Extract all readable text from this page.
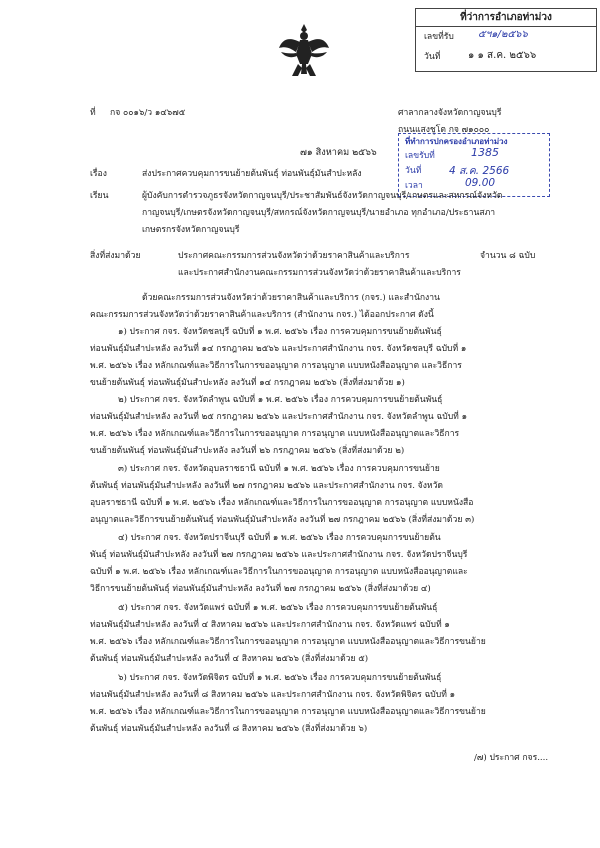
ที่ว่าการอำเภอท่าม่วง
เลขที่รับ ๕ฯ๑/๒๕๖๖
วันที่	๑ ๑ ส.ค. ๒๕๖๖
ที่ กจ ๐๐๑๖/ว ๑๔๖๗๕	ศาลากลางจังหวัดกาญจนบุรี
ถนนแสงชูโต กจ ๗๑๐๐๐
ที่ทำการปกครองอำเภอท่าม่วง
เลขรับที่	1385
วันที่	4 ส.ค. 2566
เวลา	09.00
๗๑ สิงหาคม ๒๕๖๖
เรื่อง	ส่งประกาศควบคุมการขนย้ายต้นพันธุ์ ท่อนพันธุ์มันสำปะหลัง
เรียน	ผู้บังคับการตำรวจภูธรจังหวัดกาญจนบุรี/ประชาสัมพันธ์จังหวัดกาญจนบุรี/เกษตรและสหกรณ์จังหวัด
กาญจนบุรี/เกษตรจังหวัดกาญจนบุรี/สหกรณ์จังหวัดกาญจนบุรี/นายอำเภอ ทุกอำเภอ/ประธานสภา
เกษตรกรจังหวัดกาญจนบุรี
สิ่งที่ส่งมาด้วย	ประกาศคณะกรรมการส่วนจังหวัดว่าด้วยราคาสินค้าและบริการ	จำนวน ๘ ฉบับ
และประกาศสำนักงานคณะกรรมการส่วนจังหวัดว่าด้วยราคาสินค้าและบริการ
ด้วยคณะกรรมการส่วนจังหวัดว่าด้วยราคาสินค้าและบริการ (กจร.) และสำนักงาน
คณะกรรมการส่วนจังหวัดว่าด้วยราคาสินค้าและบริการ (สำนักงาน กจร.) ได้ออกประกาศ ดังนี้
๑) ประกาศ กจร. จังหวัดชลบุรี ฉบับที่ ๑ พ.ศ. ๒๕๖๖ เรื่อง การควบคุมการขนย้ายต้นพันธุ์
ท่อนพันธุ์มันสำปะหลัง ลงวันที่ ๑๔ กรกฎาคม ๒๕๖๖ และประกาศสำนักงาน กจร. จังหวัดชลบุรี ฉบับที่ ๑
พ.ศ. ๒๕๖๖ เรื่อง หลักเกณฑ์และวิธีการในการขออนุญาต การอนุญาต แบบหนังสืออนุญาต และวิธีการ
ขนย้ายต้นพันธุ์ ท่อนพันธุ์มันสำปะหลัง ลงวันที่ ๑๔ กรกฎาคม ๒๕๖๖ (สิ่งที่ส่งมาด้วย ๑)
๒) ประกาศ กจร. จังหวัดลำพูน ฉบับที่ ๑ พ.ศ. ๒๕๖๖ เรื่อง การควบคุมการขนย้ายต้นพันธุ์
ท่อนพันธุ์มันสำปะหลัง ลงวันที่ ๒๕ กรกฎาคม ๒๕๖๖ และประกาศสำนักงาน กจร. จังหวัดลำพูน ฉบับที่ ๑
พ.ศ. ๒๕๖๖ เรื่อง หลักเกณฑ์และวิธีการในการขออนุญาต การอนุญาต แบบหนังสืออนุญาตและวิธีการ
ขนย้ายต้นพันธุ์ ท่อนพันธุ์มันสำปะหลัง ลงวันที่ ๒๖ กรกฎาคม ๒๕๖๖ (สิ่งที่ส่งมาด้วย ๒)
๓) ประกาศ กจร. จังหวัดอุบลราชธานี ฉบับที่ ๑ พ.ศ. ๒๕๖๖ เรื่อง การควบคุมการขนย้าย
ต้นพันธุ์ ท่อนพันธุ์มันสำปะหลัง ลงวันที่ ๒๗ กรกฎาคม ๒๕๖๖ และประกาศสำนักงาน กจร. จังหวัด
อุบลราชธานี ฉบับที่ ๑ พ.ศ. ๒๕๖๖ เรื่อง หลักเกณฑ์และวิธีการในการขออนุญาต การอนุญาต แบบหนังสือ
อนุญาตและวิธีการขนย้ายต้นพันธุ์ ท่อนพันธุ์มันสำปะหลัง ลงวันที่ ๒๗ กรกฎาคม ๒๕๖๖ (สิ่งที่ส่งมาด้วย ๓)
๔) ประกาศ กจร. จังหวัดปราจีนบุรี ฉบับที่ ๑ พ.ศ. ๒๕๖๖ เรื่อง การควบคุมการขนย้ายต้น
พันธุ์ ท่อนพันธุ์มันสำปะหลัง ลงวันที่ ๒๗ กรกฎาคม ๒๕๖๖ และประกาศสำนักงาน กจร. จังหวัดปราจีนบุรี
ฉบับที่ ๑ พ.ศ. ๒๕๖๖ เรื่อง หลักเกณฑ์และวิธีการในการขออนุญาต การอนุญาต แบบหนังสืออนุญาตและ
วิธีการขนย้ายต้นพันธุ์ ท่อนพันธุ์มันสำปะหลัง ลงวันที่ ๒๗ กรกฎาคม ๒๕๖๖ (สิ่งที่ส่งมาด้วย ๔)
๕) ประกาศ กจร. จังหวัดแพร่ ฉบับที่ ๑ พ.ศ. ๒๕๖๖ เรื่อง การควบคุมการขนย้ายต้นพันธุ์
ท่อนพันธุ์มันสำปะหลัง ลงวันที่ ๔ สิงหาคม ๒๕๖๖ และประกาศสำนักงาน กจร. จังหวัดแพร่ ฉบับที่ ๑
พ.ศ. ๒๕๖๖ เรื่อง หลักเกณฑ์และวิธีการในการขออนุญาต การอนุญาต แบบหนังสืออนุญาตและวิธีการขนย้าย
ต้นพันธุ์ ท่อนพันธุ์มันสำปะหลัง ลงวันที่ ๔ สิงหาคม ๒๕๖๖ (สิ่งที่ส่งมาด้วย ๕)
๖) ประกาศ กจร. จังหวัดพิจิตร ฉบับที่ ๑ พ.ศ. ๒๕๖๖ เรื่อง การควบคุมการขนย้ายต้นพันธุ์
ท่อนพันธุ์มันสำปะหลัง ลงวันที่ ๘ สิงหาคม ๒๕๖๖ และประกาศสำนักงาน กจร. จังหวัดพิจิตร ฉบับที่ ๑
พ.ศ. ๒๕๖๖ เรื่อง หลักเกณฑ์และวิธีการในการขออนุญาต การอนุญาต แบบหนังสืออนุญาตและวิธีการขนย้าย
ต้นพันธุ์ ท่อนพันธุ์มันสำปะหลัง ลงวันที่ ๘ สิงหาคม ๒๕๖๖ (สิ่งที่ส่งมาด้วย ๖)
/๗) ประกาศ กจร....
